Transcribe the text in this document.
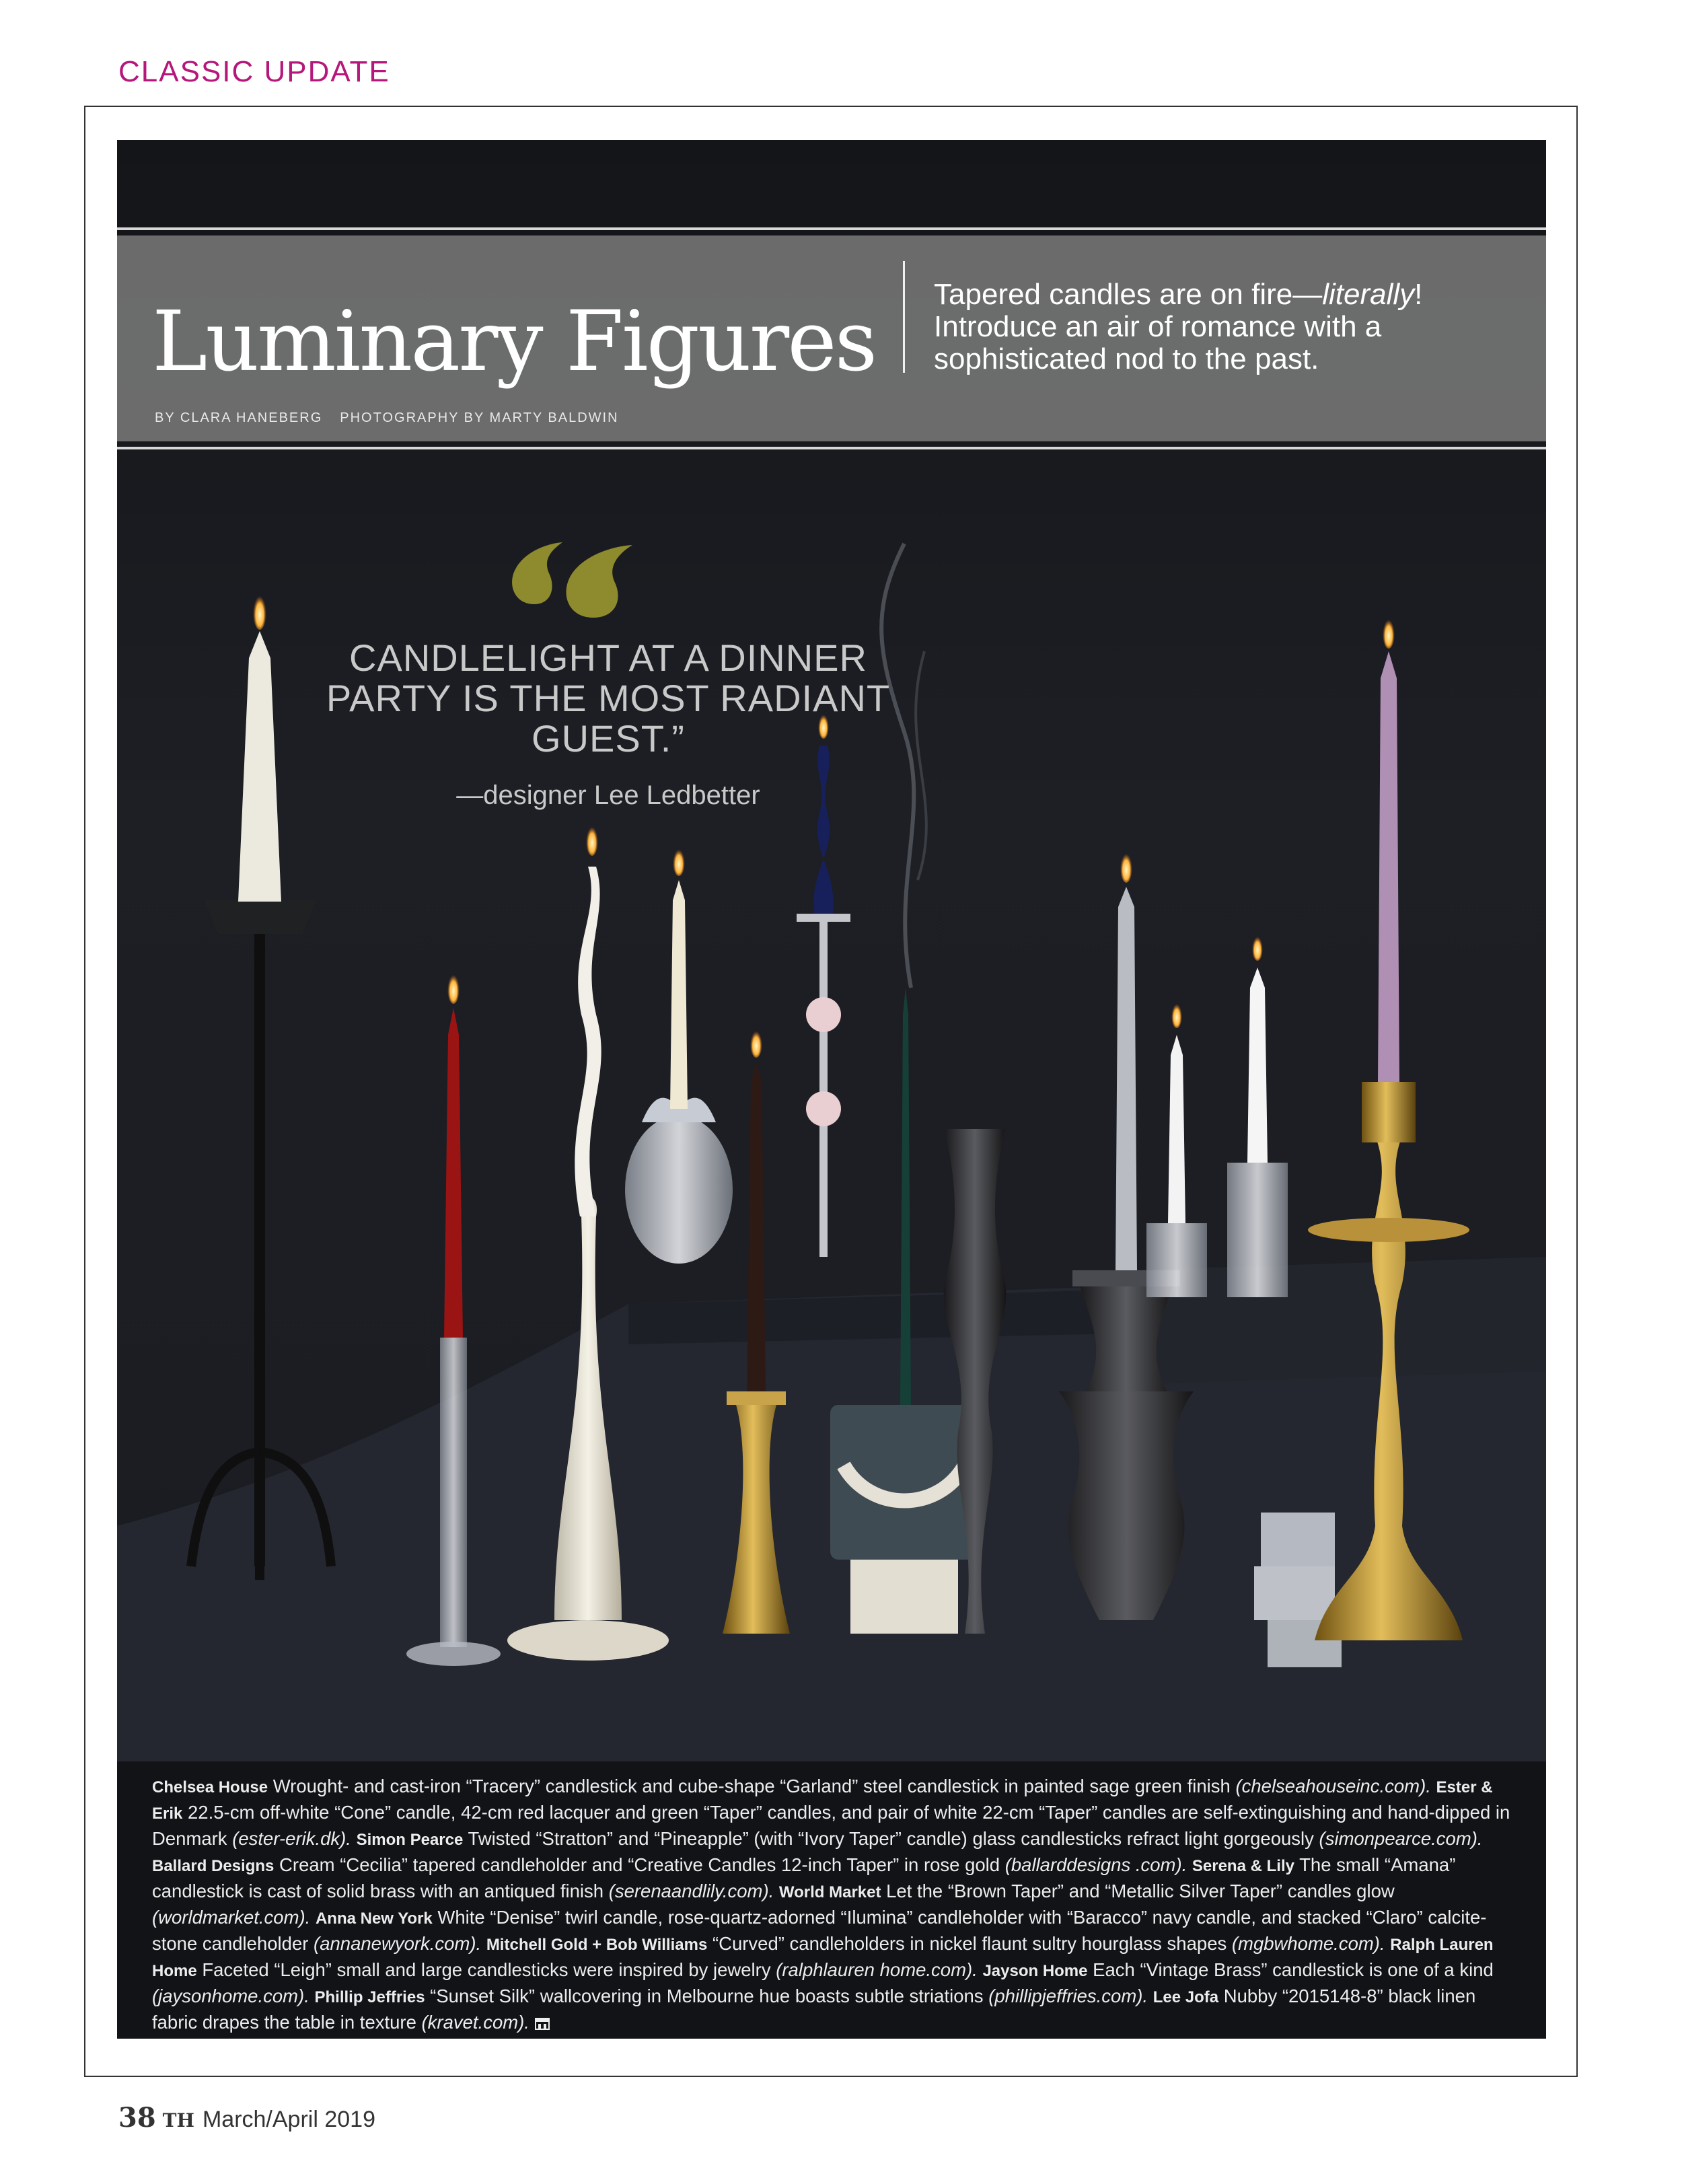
CLASSIC UPDATE
Luminary Figures Tapered candles are on fire—literally! Introduce an air of romance with a sophisticated nod to the past.
BY CLARA HANEBERG PHOTOGRAPHY BY MARTY BALDWIN
CANDLELIGHT AT A DINNER PARTY IS THE MOST RADIANT GUEST.”
—designer Lee Ledbetter
Chelsea House Wrought- and cast-iron “Tracery” candlestick and cube-shape “Garland” steel candlestick in painted sage green finish (chelseahouseinc.com). Ester & Erik 22.5-cm off-white “Cone” candle, 42-cm red lacquer and green “Taper” candles, and pair of white 22-cm “Taper” candles are self-extinguishing and hand-dipped in Denmark (ester-erik.dk). Simon Pearce Twisted “Stratton” and “Pineapple” (with “Ivory Taper” candle) glass candlesticks refract light gorgeously (simonpearce.com). Ballard Designs Cream “Cecilia” tapered candleholder and “Creative Candles 12-inch Taper” in rose gold (ballarddesigns .com). Serena & Lily The small “Amana” candlestick is cast of solid brass with an antiqued finish (serenaandlily.com). World Market Let the “Brown Taper” and “Metallic Silver Taper” candles glow (worldmarket.com). Anna New York White “Denise” twirl candle, rose-quartz-adorned “Ilumina” candleholder with “Baracco” navy candle, and stacked “Claro” calcite-stone candleholder (annanewyork.com). Mitchell Gold + Bob Williams “Curved” candleholders in nickel flaunt sultry hourglass shapes (mgbwhome.com). Ralph Lauren Home Faceted “Leigh” small and large candlesticks were inspired by jewelry (ralphlauren home.com). Jayson Home Each “Vintage Brass” candlestick is one of a kind (jaysonhome.com). Phillip Jeffries “Sunset Silk” wallcovering in Melbourne hue boasts subtle striations (phillipjeffries.com). Lee Jofa Nubby “2015148-8” black linen fabric drapes the table in texture (kravet.com).
38 TH March/April 2019
